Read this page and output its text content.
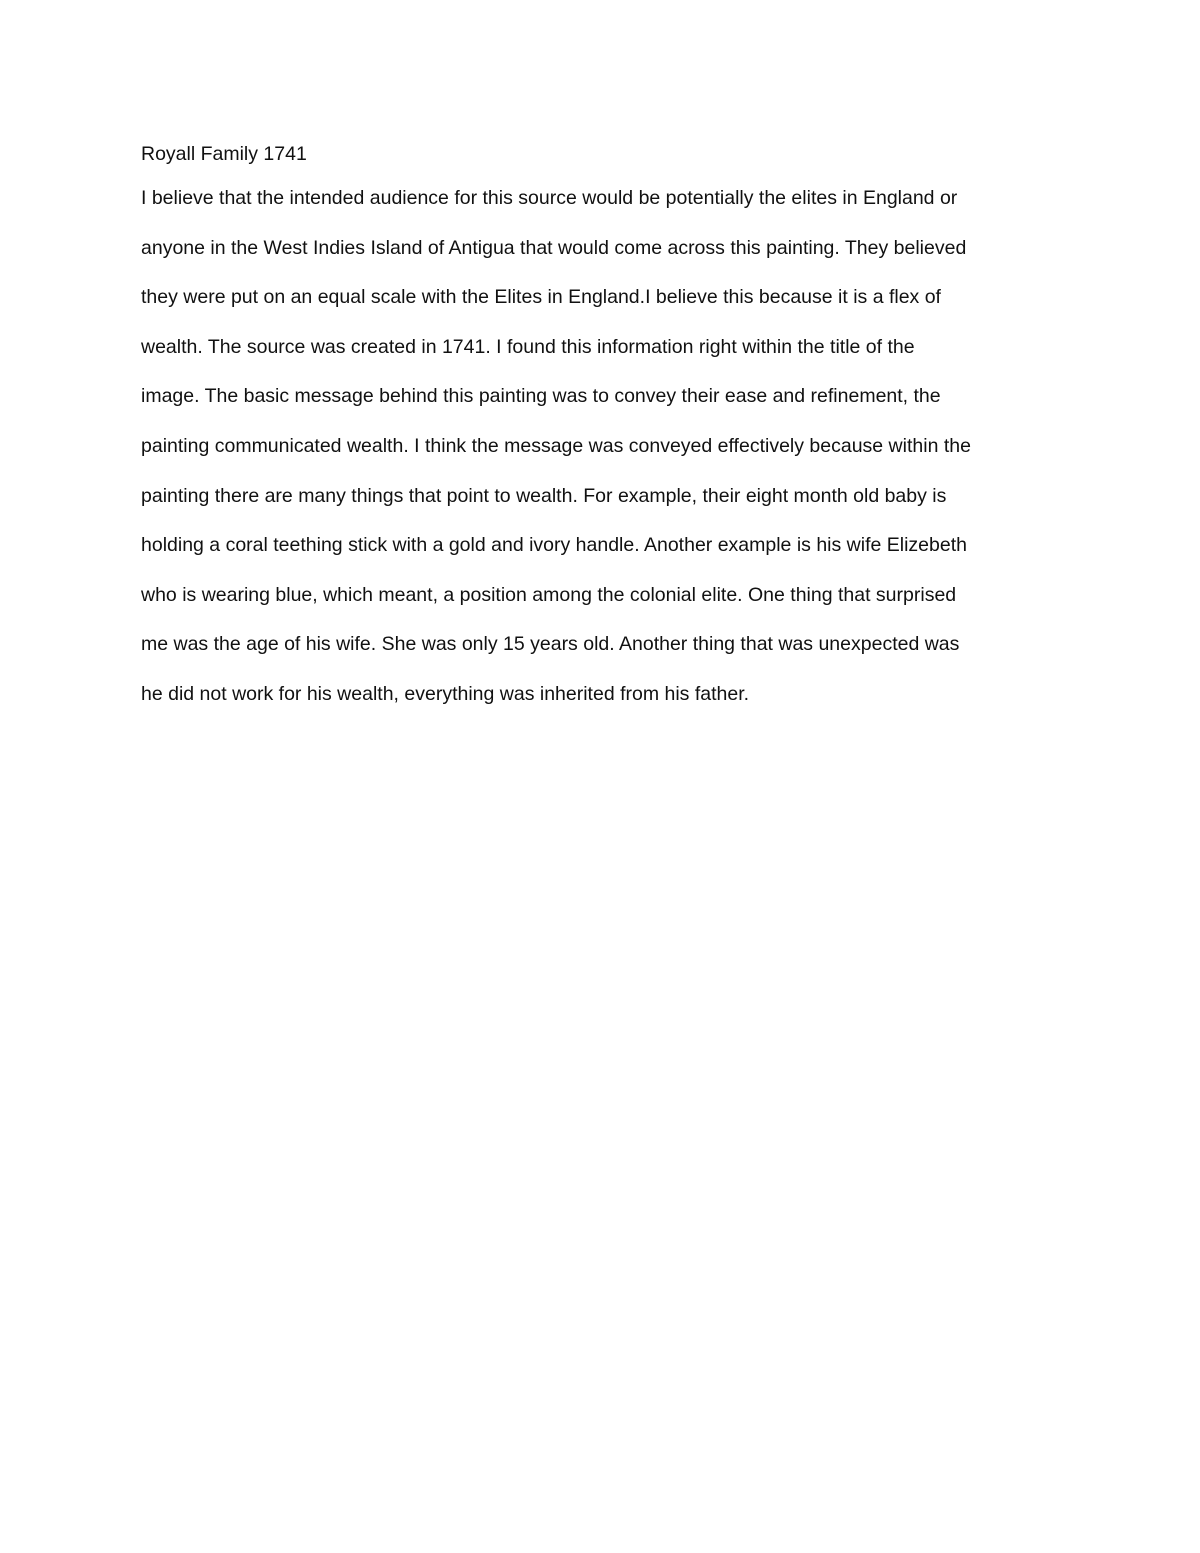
Royall Family 1741

I believe that the intended audience for this source would be potentially the elites in England or

anyone in the West Indies Island of Antigua that would come across this painting. They believed

they were put on an equal scale with the Elites in England.I believe this because it is a flex of

wealth. The source was created in 1741. I found this information right within the title of the

image. The basic message behind this painting was to convey their ease and refinement, the

painting communicated wealth. I think the message was conveyed effectively because within the

painting there are many things that point to wealth. For example, their eight month old baby is

holding a coral teething stick with a gold and ivory handle. Another example is his wife Elizebeth

who is wearing blue, which meant, a position among the colonial elite. One thing that surprised

me was the age of his wife. She was only 15 years old. Another thing that was unexpected was

he did not work for his wealth, everything was inherited from his father.
